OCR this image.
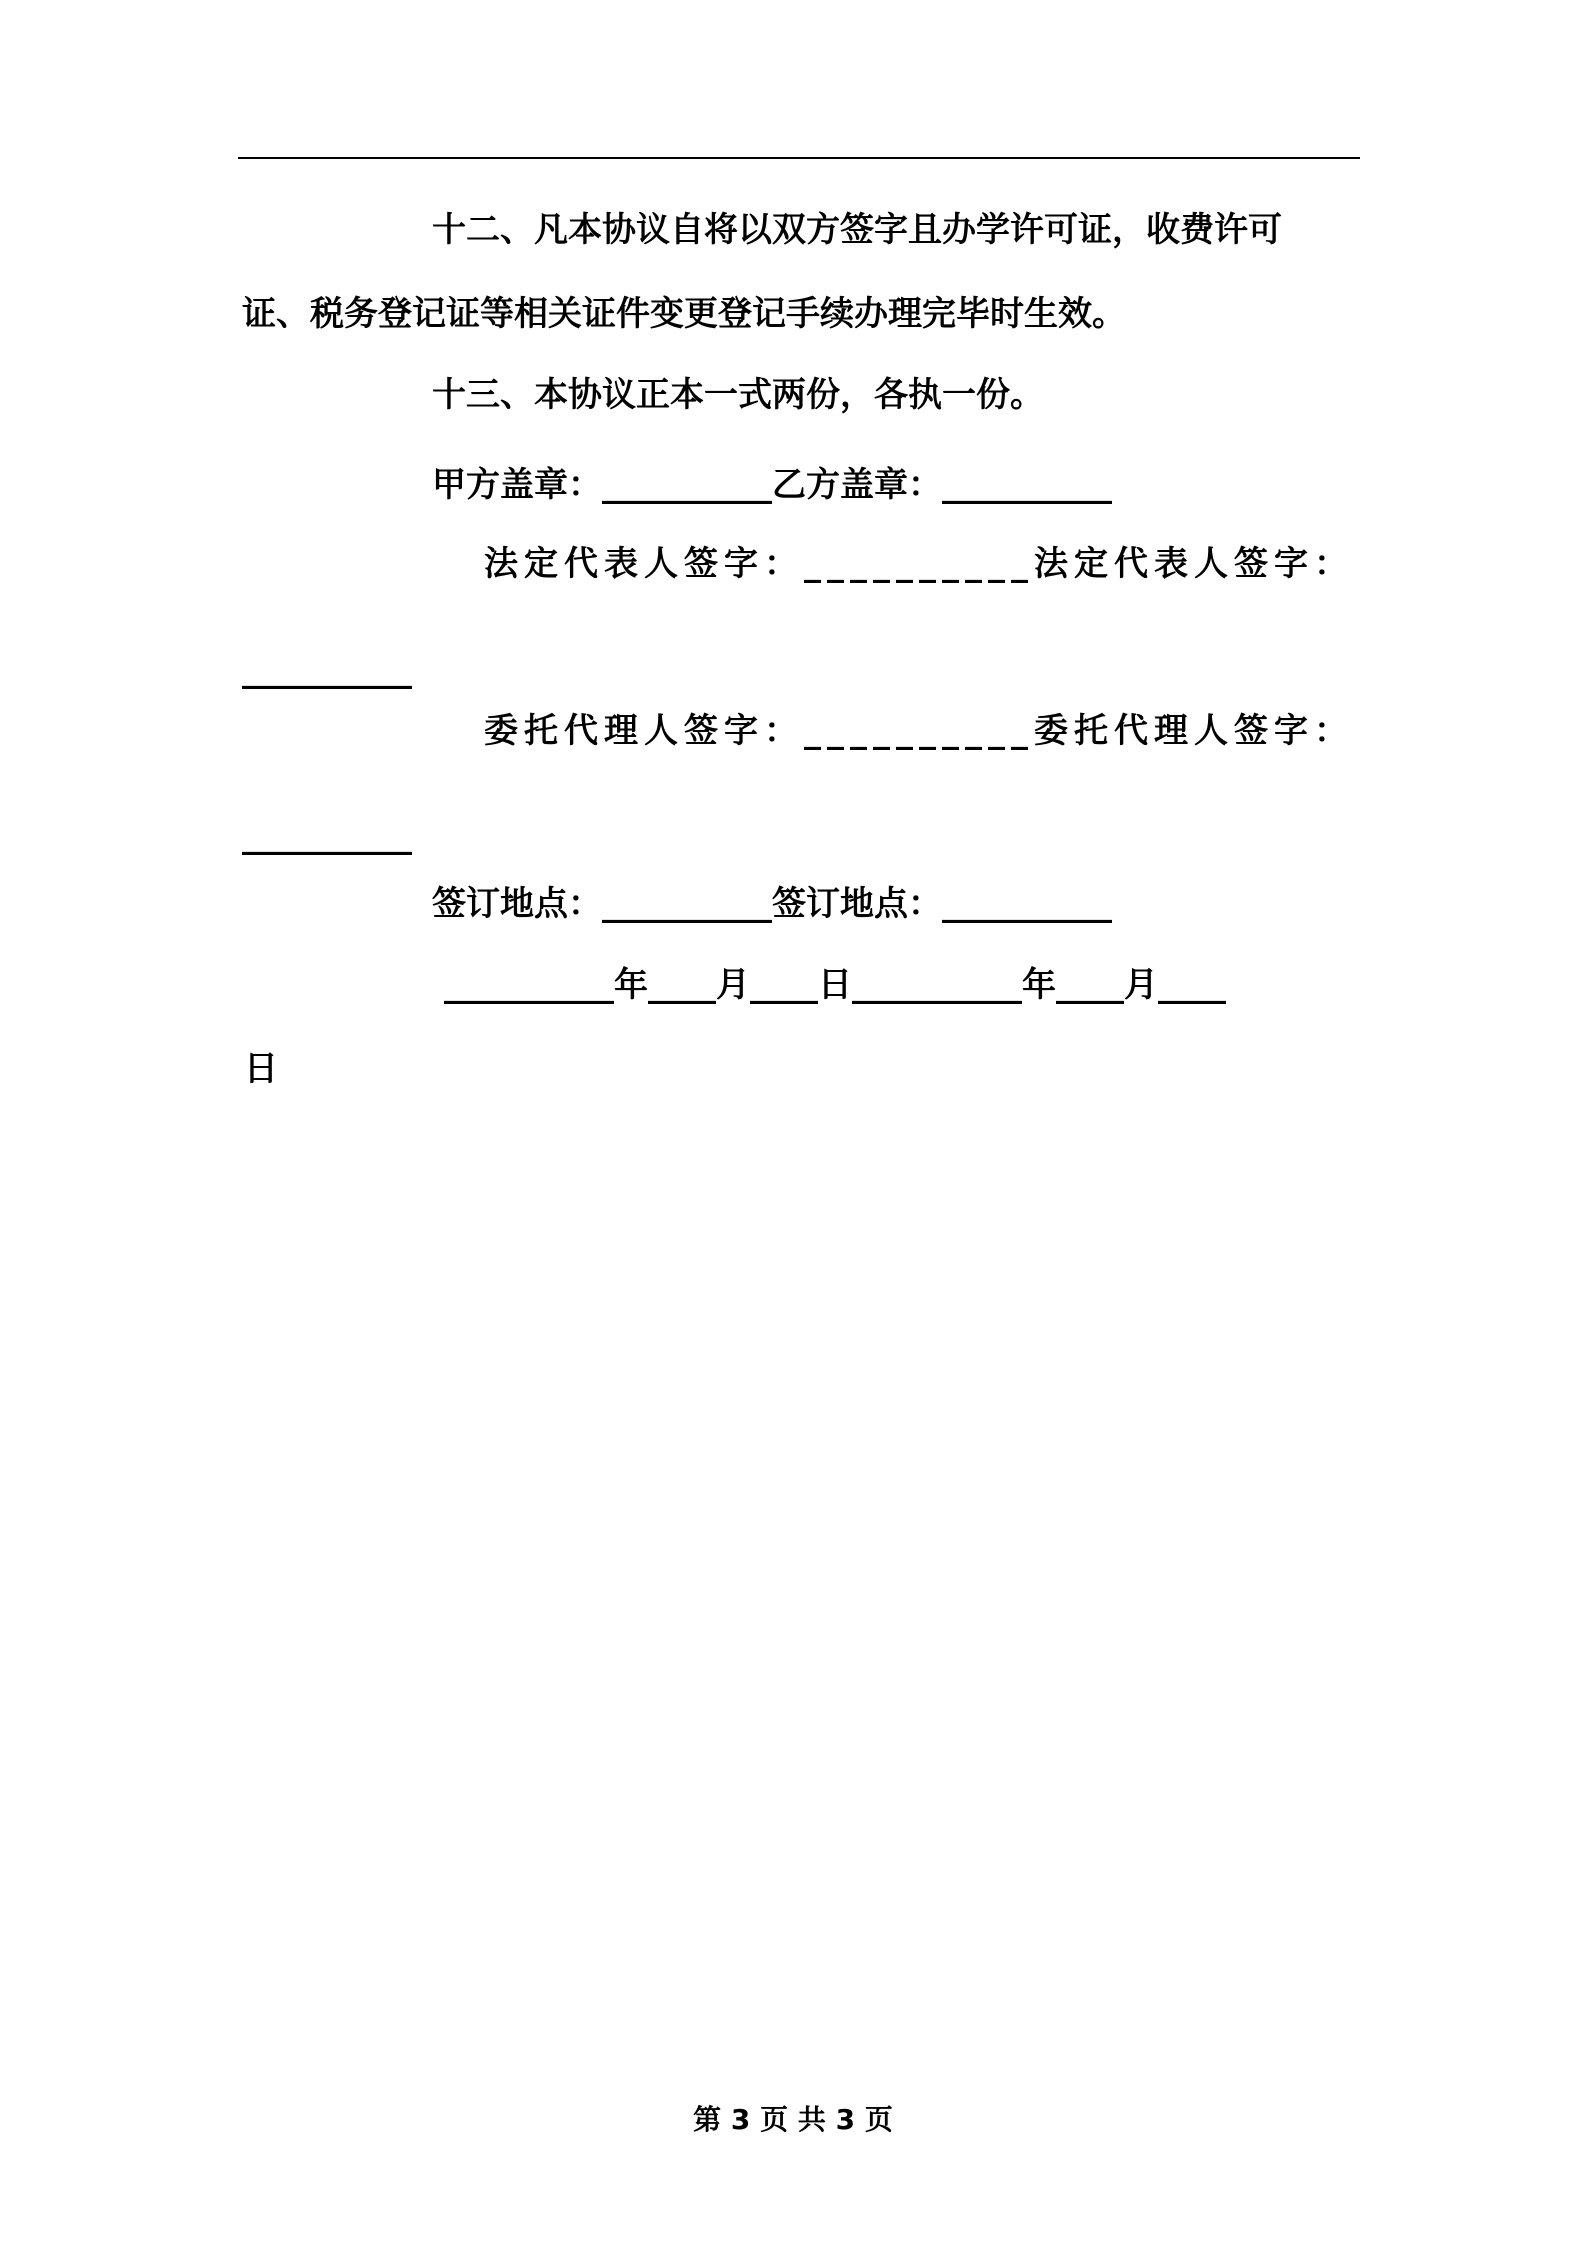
十二、凡本协议自将以双方签字且办学许可证，收费许可
证、税务登记证等相关证件变更登记手续办理完毕时生效。
十三、本协议正本一式两份，各执一份。
甲方盖章：__________乙方盖章：__________
法定代表人签字：__________法定代表人签字：
__________
委托代理人签字：__________委托代理人签字：
__________
签订地点：__________签订地点：__________
__________年____月____日__________年____月____
日
第 3 页 共 3 页
